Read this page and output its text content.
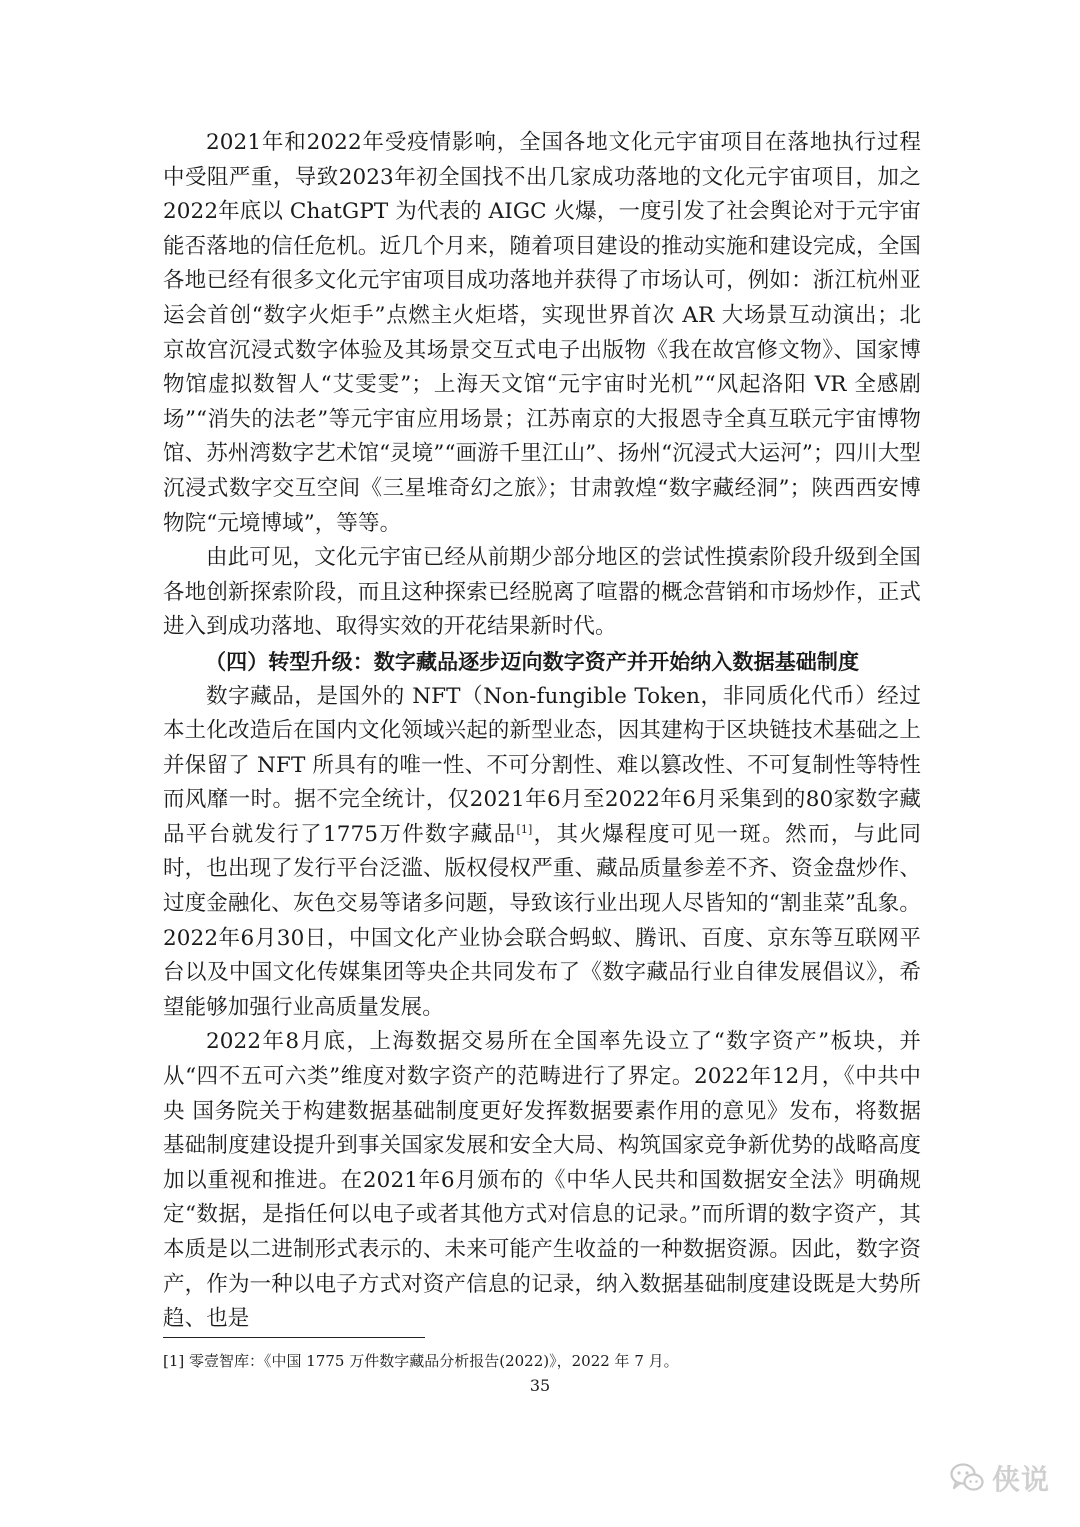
2021年和2022年受疫情影响，全国各地文化元宇宙项目在落地执行过程中受阻严重，导致2023年初全国找不出几家成功落地的文化元宇宙项目，加之2022年底以 ChatGPT 为代表的 AIGC 火爆，一度引发了社会舆论对于元宇宙能否落地的信任危机。近几个月来，随着项目建设的推动实施和建设完成，全国各地已经有很多文化元宇宙项目成功落地并获得了市场认可，例如：浙江杭州亚运会首创“数字火炬手”点燃主火炬塔，实现世界首次 AR 大场景互动演出；北京故宫沉浸式数字体验及其场景交互式电子出版物《我在故宫修文物》、国家博物馆虚拟数智人“艾雯雯”；上海天文馆“元宇宙时光机”“风起洛阳 VR 全感剧场”“消失的法老”等元宇宙应用场景；江苏南京的大报恩寺全真互联元宇宙博物馆、苏州湾数字艺术馆“灵境”“画游千里江山”、扬州“沉浸式大运河”；四川大型沉浸式数字交互空间《三星堆奇幻之旅》；甘肃敦煌“数字藏经洞”；陕西西安博物院“元境博域”，等等。

由此可见，文化元宇宙已经从前期少部分地区的尝试性摸索阶段升级到全国各地创新探索阶段，而且这种探索已经脱离了喧嚣的概念营销和市场炒作，正式进入到成功落地、取得实效的开花结果新时代。

（四）转型升级：数字藏品逐步迈向数字资产并开始纳入数据基础制度

数字藏品，是国外的 NFT（Non-fungible Token，非同质化代币）经过本土化改造后在国内文化领域兴起的新型业态，因其建构于区块链技术基础之上并保留了 NFT 所具有的唯一性、不可分割性、难以篡改性、不可复制性等特性而风靡一时。据不完全统计，仅2021年6月至2022年6月采集到的80家数字藏品平台就发行了1775万件数字藏品[1]，其火爆程度可见一斑。然而，与此同时，也出现了发行平台泛滥、版权侵权严重、藏品质量参差不齐、资金盘炒作、过度金融化、灰色交易等诸多问题，导致该行业出现人尽皆知的“割韭菜”乱象。2022年6月30日，中国文化产业协会联合蚂蚁、腾讯、百度、京东等互联网平台以及中国文化传媒集团等央企共同发布了《数字藏品行业自律发展倡议》，希望能够加强行业高质量发展。

2022年8月底，上海数据交易所在全国率先设立了“数字资产”板块，并从“四不五可六类”维度对数字资产的范畴进行了界定。2022年12月，《中共中央 国务院关于构建数据基础制度更好发挥数据要素作用的意见》发布，将数据基础制度建设提升到事关国家发展和安全大局、构筑国家竞争新优势的战略高度加以重视和推进。在2021年6月颁布的《中华人民共和国数据安全法》明确规定“数据，是指任何以电子或者其他方式对信息的记录。”而所谓的数字资产，其本质是以二进制形式表示的、未来可能产生收益的一种数据资源。因此，数字资产，作为一种以电子方式对资产信息的记录，纳入数据基础制度建设既是大势所趋、也是

[1] 零壹智库：《中国 1775 万件数字藏品分析报告(2022)》，2022 年 7 月。
35
侠说
